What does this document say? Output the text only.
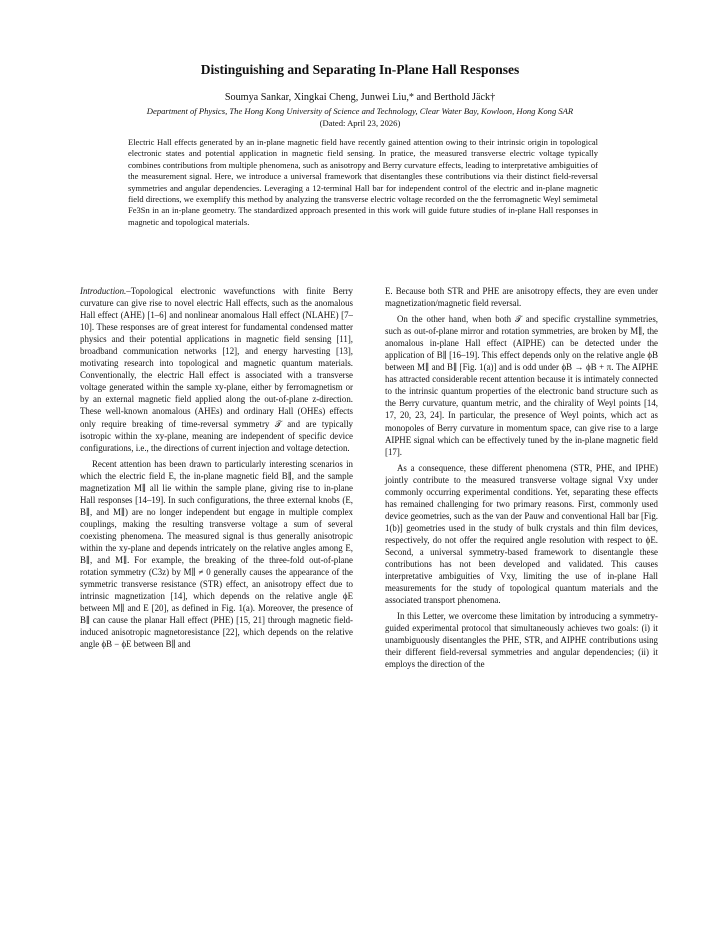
Distinguishing and Separating In-Plane Hall Responses
Soumya Sankar, Xingkai Cheng, Junwei Liu,* and Berthold Jäck†
Department of Physics, The Hong Kong University of Science and Technology, Clear Water Bay, Kowloon, Hong Kong SAR
(Dated: April 23, 2026)
Electric Hall effects generated by an in-plane magnetic field have recently gained attention owing to their intrinsic origin in topological electronic states and potential application in magnetic field sensing. In pratice, the measured transverse electric voltage typically combines contributions from multiple phenomena, such as anisotropy and Berry curvature effects, leading to interpretative ambiguities of the measurement signal. Here, we introduce a universal framework that disentangles these contributions via their distinct field-reversal symmetries and angular dependencies. Leveraging a 12-terminal Hall bar for independent control of the electric and in-plane magnetic field directions, we exemplify this method by analyzing the transverse electric voltage recorded on the the ferromagnetic Weyl semimetal Fe3Sn in an in-plane geometry. The standardized approach presented in this work will guide future studies of in-plane Hall responses in magnetic and topological materials.

Introduction.–Topological electronic wavefunctions with finite Berry curvature can give rise to novel electric Hall effects, such as the anomalous Hall effect (AHE) [1–6] and nonlinear anomalous Hall effect (NLAHE) [7–10]. These responses are of great interest for fundamental condensed matter physics and their potential applications in magnetic field sensing [11], broadband communication networks [12], and energy harvesting [13], motivating research into topological and magnetic quantum materials. Conventionally, the electric Hall effect is associated with a transverse voltage generated within the sample xy-plane, either by ferromagnetism or by an external magnetic field applied along the out-of-plane z-direction. These well-known anomalous (AHEs) and ordinary Hall (OHEs) effects only require breaking of time-reversal symmetry 𝒯 and are typically isotropic within the xy-plane, meaning are independent of specific device configurations, i.e., the directions of current injection and voltage detection.

Recent attention has been drawn to particularly interesting scenarios in which the electric field E, the in-plane magnetic field B∥, and the sample magnetization M∥ all lie within the sample plane, giving rise to in-plane Hall responses [14–19]. In such configurations, the three external knobs (E, B∥, and M∥) are no longer independent but engage in multiple complex couplings, making the resulting transverse voltage a sum of several coexisting phenomena. The measured signal is thus generally anisotropic within the xy-plane and depends intricately on the relative angles among E, B∥, and M∥. For example, the breaking of the three-fold out-of-plane rotation symmetry (C3z) by M∥ ≠ 0 generally causes the appearance of the symmetric transverse resistance (STR) effect, an anisotropy effect due to intrinsic magnetization [14], which depends on the relative angle ϕE between M∥ and E [20], as defined in Fig. 1(a). Moreover, the presence of B∥ can cause the planar Hall effect (PHE) [15, 21] through magnetic field-induced anisotropic magnetoresistance [22], which depends on the relative angle ϕB − ϕE between B∥ and

E. Because both STR and PHE are anisotropy effects, they are even under magnetization/magnetic field reversal.

On the other hand, when both 𝒯 and specific crystalline symmetries, such as out-of-plane mirror and rotation symmetries, are broken by M∥, the anomalous in-plane Hall effect (AIPHE) can be detected under the application of B∥ [16–19]. This effect depends only on the relative angle ϕB between M∥ and B∥ [Fig. 1(a)] and is odd under ϕB → ϕB + π. The AIPHE has attracted considerable recent attention because it is intimately connected to the intrinsic quantum properties of the electronic band structure such as the Berry curvature, quantum metric, and the chirality of Weyl points [14, 17, 20, 23, 24]. In particular, the presence of Weyl points, which act as monopoles of Berry curvature in momentum space, can give rise to a large AIPHE signal which can be effectively tuned by the in-plane magnetic field [17].

As a consequence, these different phenomena (STR, PHE, and IPHE) jointly contribute to the measured transverse voltage signal Vxy under commonly occurring experimental conditions. Yet, separating these effects has remained challenging for two primary reasons. First, commonly used device geometries, such as the van der Pauw and conventional Hall bar [Fig. 1(b)] geometries used in the study of bulk crystals and thin film devices, respectively, do not offer the required angle resolution with respect to ϕE. Second, a universal symmetry-based framework to disentangle these contributions has not been developed and validated. This causes interpretative ambiguities of Vxy, limiting the use of in-plane Hall measurements for the study of topological quantum materials and the associated transport phenomena.

In this Letter, we overcome these limitation by introducing a symmetry-guided experimental protocol that simultaneously achieves two goals: (i) it unambiguously disentangles the PHE, STR, and AIPHE contributions using their different field-reversal symmetries and angular dependencies; (ii) it employs the direction of the
